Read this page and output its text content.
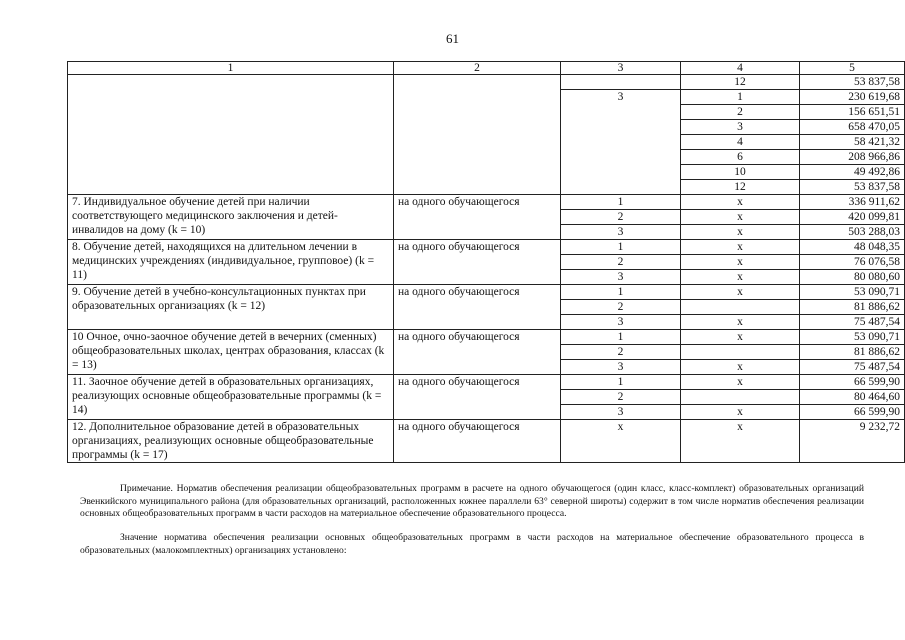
61
1	2	3	4	5
			12	53 837,58
		3	1	230 619,68
			2	156 651,51
			3	658 470,05
			4	58 421,32
			6	208 966,86
			10	49 492,86
			12	53 837,58
7. Индивидуальное обучение детей при наличии соответствующего медицинского заключения и детей-инвалидов на дому (k = 10)	на одного обучающегося	1	x	336 911,62
		2	x	420 099,81
		3	x	503 288,03
8. Обучение детей, находящихся на длительном лечении в медицинских учреждениях (индивидуальное, групповое) (k = 11)	на одного обучающегося	1	x	48 048,35
		2	x	76 076,58
		3	x	80 080,60
9. Обучение детей в учебно-консультационных пунктах при образовательных организациях (k = 12)	на одного обучающегося	1	x	53 090,71
		2		81 886,62
		3	x	75 487,54
10 Очное, очно-заочное обучение детей в вечерних (сменных) общеобразовательных школах, центрах образования, классах (k = 13)	на одного обучающегося	1	x	53 090,71
		2		81 886,62
		3	x	75 487,54
11. Заочное обучение детей в образовательных организациях, реализующих основные общеобразовательные программы (k = 14)	на одного обучающегося	1	x	66 599,90
		2		80 464,60
		3	x	66 599,90
12. Дополнительное образование детей в образовательных организациях, реализующих основные общеобразовательные программы (k = 17)	на одного обучающегося	x	x	9 232,72
Примечание. Норматив обеспечения реализации общеобразовательных программ в расчете на одного обучающегося (один класс, класс-комплект) образовательных организаций Эвенкийского муниципального района (для образовательных организаций, расположенных южнее параллели 63° северной широты) содержит в том числе норматив обеспечения реализации основных общеобразовательных программ в части расходов на материальное обеспечение образовательного процесса.
Значение норматива обеспечения реализации основных общеобразовательных программ в части расходов на материальное обеспечение образовательного процесса в образовательных (малокомплектных) организациях установлено:
